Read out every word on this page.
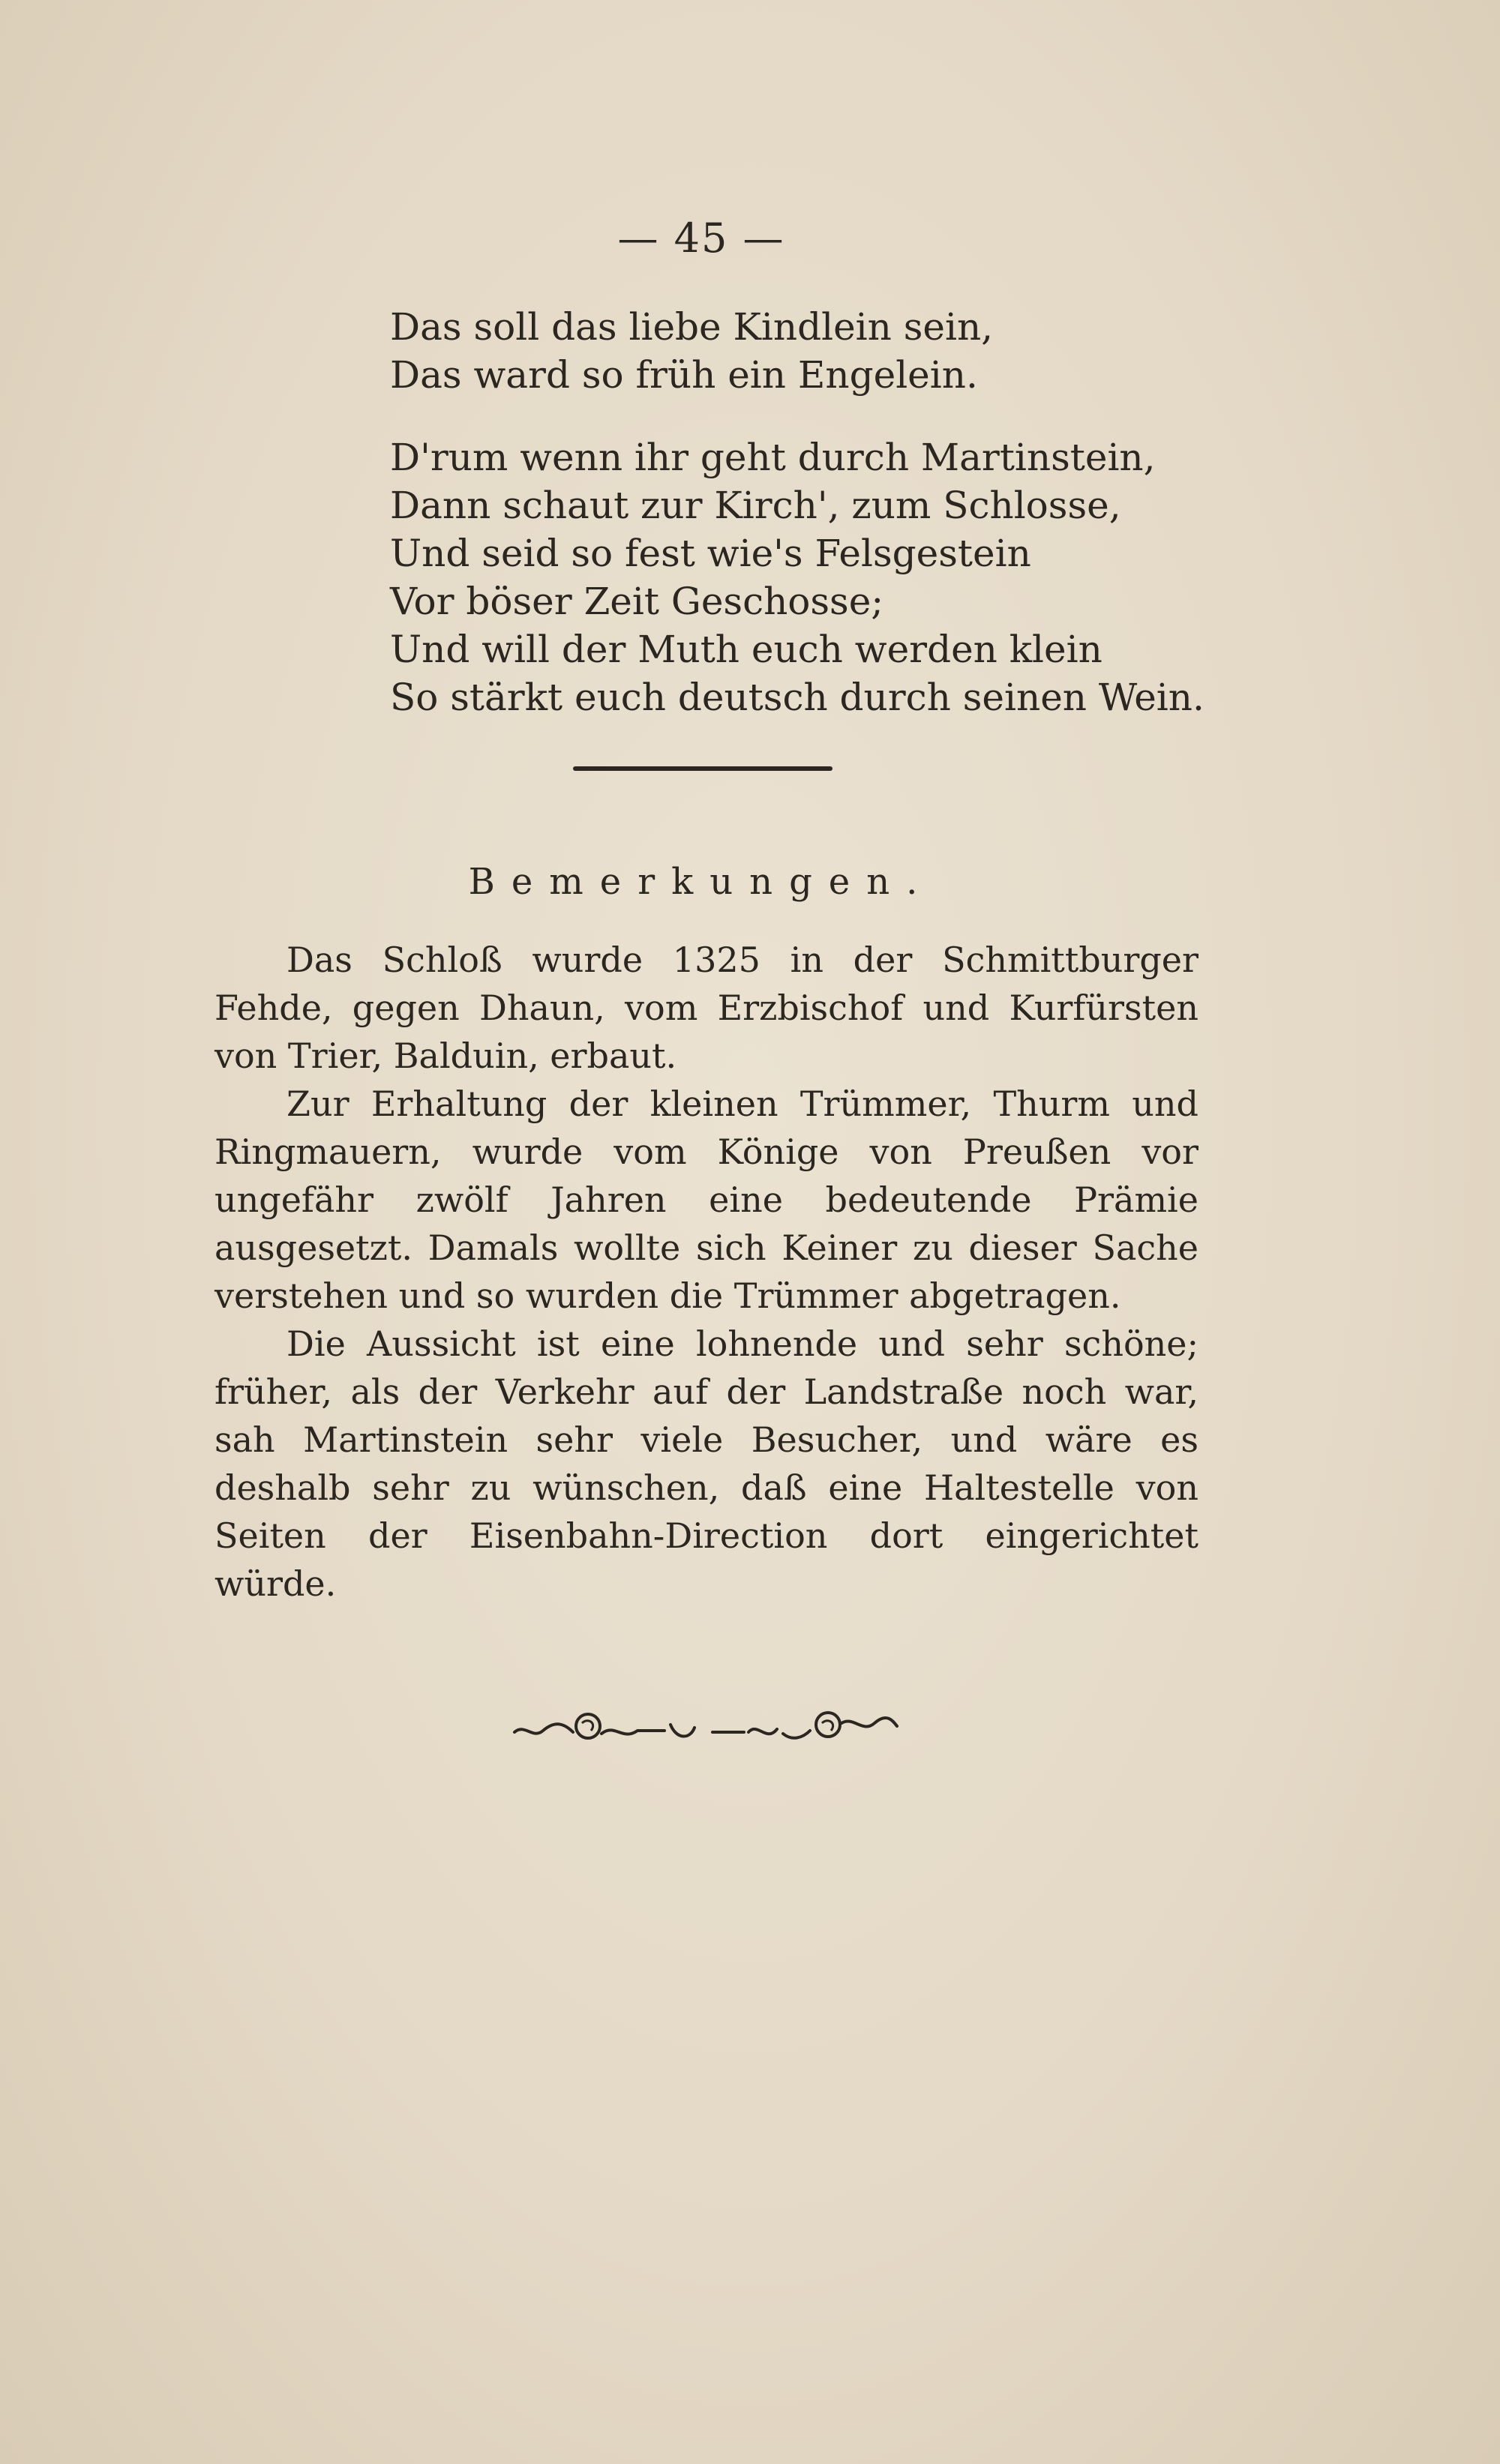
— 45 —
Das soll das liebe Kindlein sein,
Das ward so früh ein Engelein.
D'rum wenn ihr geht durch Martinstein,
Dann schaut zur Kirch', zum Schlosse,
Und seid so fest wie's Felsgestein
Vor böser Zeit Geschosse;
Und will der Muth euch werden klein
So stärkt euch deutsch durch seinen Wein.
Bemerkungen.

Das Schloß wurde 1325 in der Schmittburger Fehde, gegen Dhaun, vom Erzbischof und Kurfürsten von Trier, Balduin, erbaut.

Zur Erhaltung der kleinen Trümmer, Thurm und Ringmauern, wurde vom Könige von Preußen vor ungefähr zwölf Jahren eine bedeutende Prämie ausgesetzt. Damals wollte sich Keiner zu dieser Sache verstehen und so wurden die Trümmer abgetragen.

Die Aussicht ist eine lohnende und sehr schöne; früher, als der Verkehr auf der Landstraße noch war, sah Martinstein sehr viele Besucher, und wäre es deshalb sehr zu wünschen, daß eine Haltestelle von Seiten der Eisenbahn-Direction dort eingerichtet würde.
